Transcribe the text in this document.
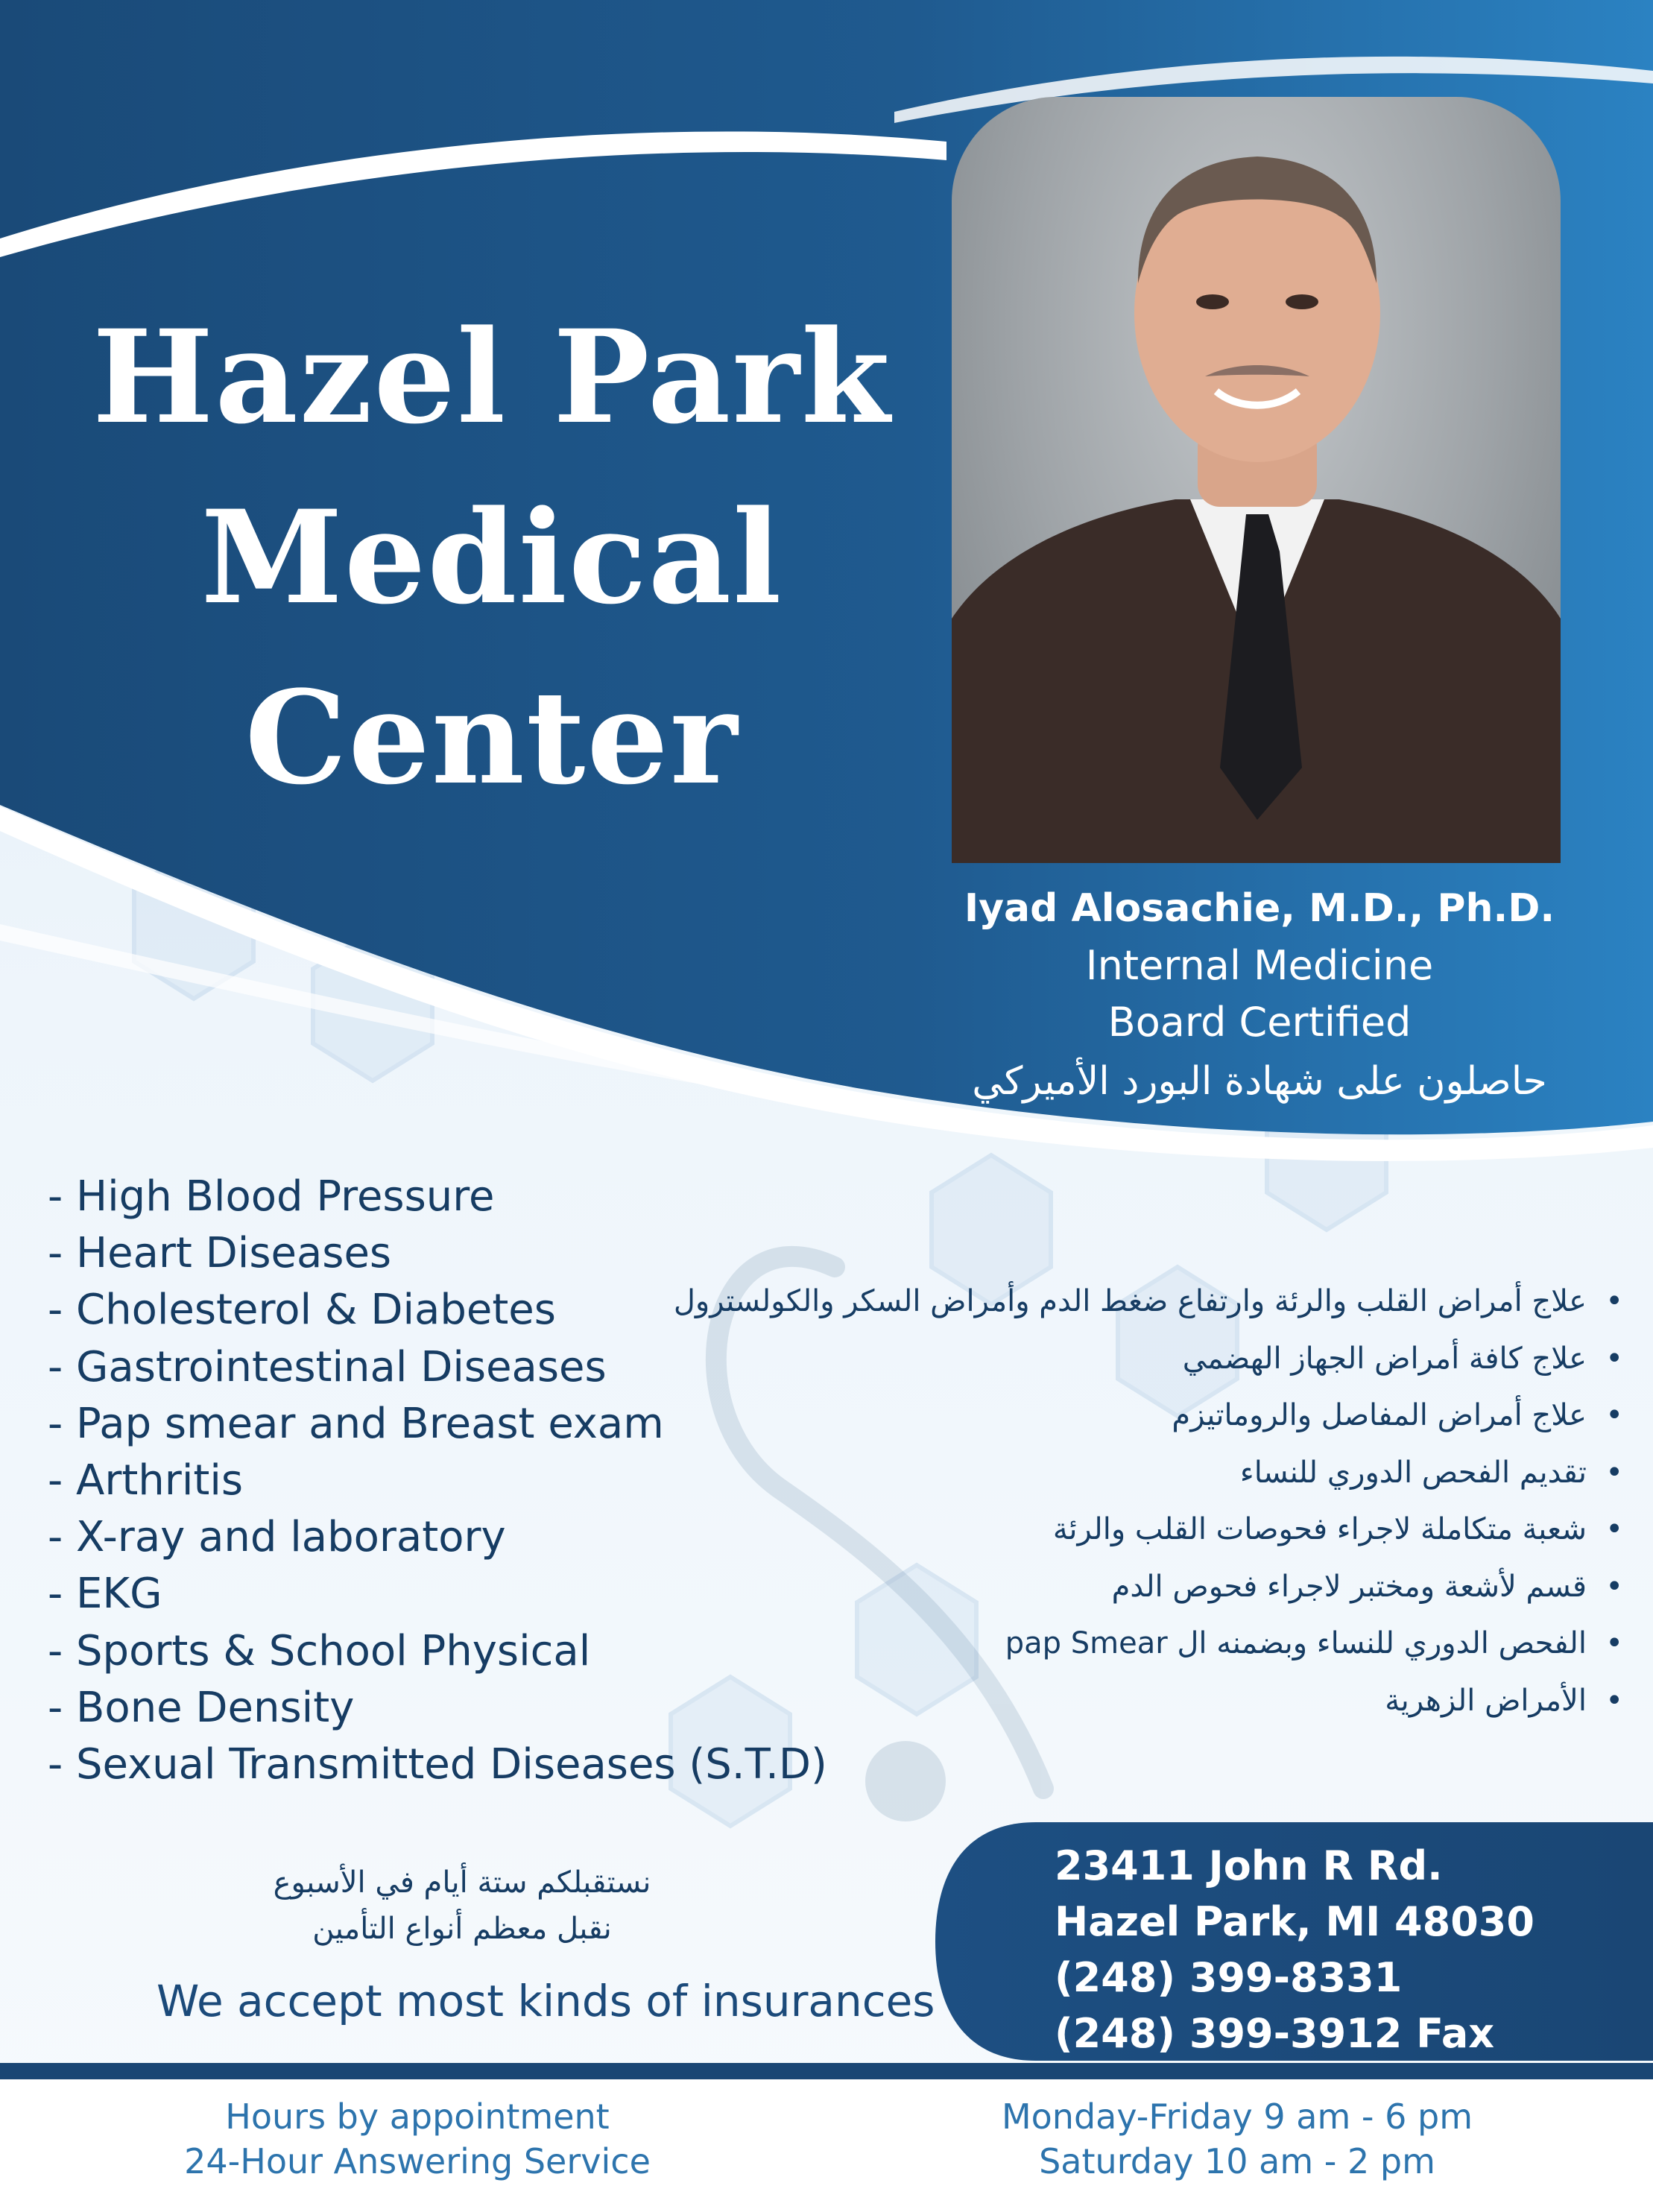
Hazel Park
Medical
Center
Iyad Alosachie, M.D., Ph.D.
Internal Medicine
Board Certified
حاصلون على شهادة البورد الأميركي
- High Blood Pressure
- Heart Diseases
- Cholesterol & Diabetes
- Gastrointestinal Diseases
- Pap smear and Breast exam
- Arthritis
- X-ray and laboratory
- EKG
- Sports & School Physical
- Bone Density
- Sexual Transmitted Diseases (S.T.D)
•  علاج أمراض القلب والرئة وارتفاع ضغط الدم وأمراض السكر والكولسترول
•  علاج كافة أمراض الجهاز الهضمي
•  علاج أمراض المفاصل والروماتيزم
•  تقديم الفحص الدوري للنساء
•  شعبة متكاملة لاجراء فحوصات القلب والرئة
•  قسم لأشعة ومختبر لاجراء فحوص الدم
•  الفحص الدوري للنساء وبضمنه ال pap Smear
•  الأمراض الزهرية
نستقبلكم ستة أيام في الأسبوع
نقبل معظم أنواع التأمين
We accept most kinds of insurances
23411 John R Rd.
Hazel Park, MI 48030
(248) 399-8331
(248) 399-3912 Fax
Hours by appointment
24-Hour Answering Service
Monday-Friday 9 am - 6 pm
Saturday 10 am - 2 pm
